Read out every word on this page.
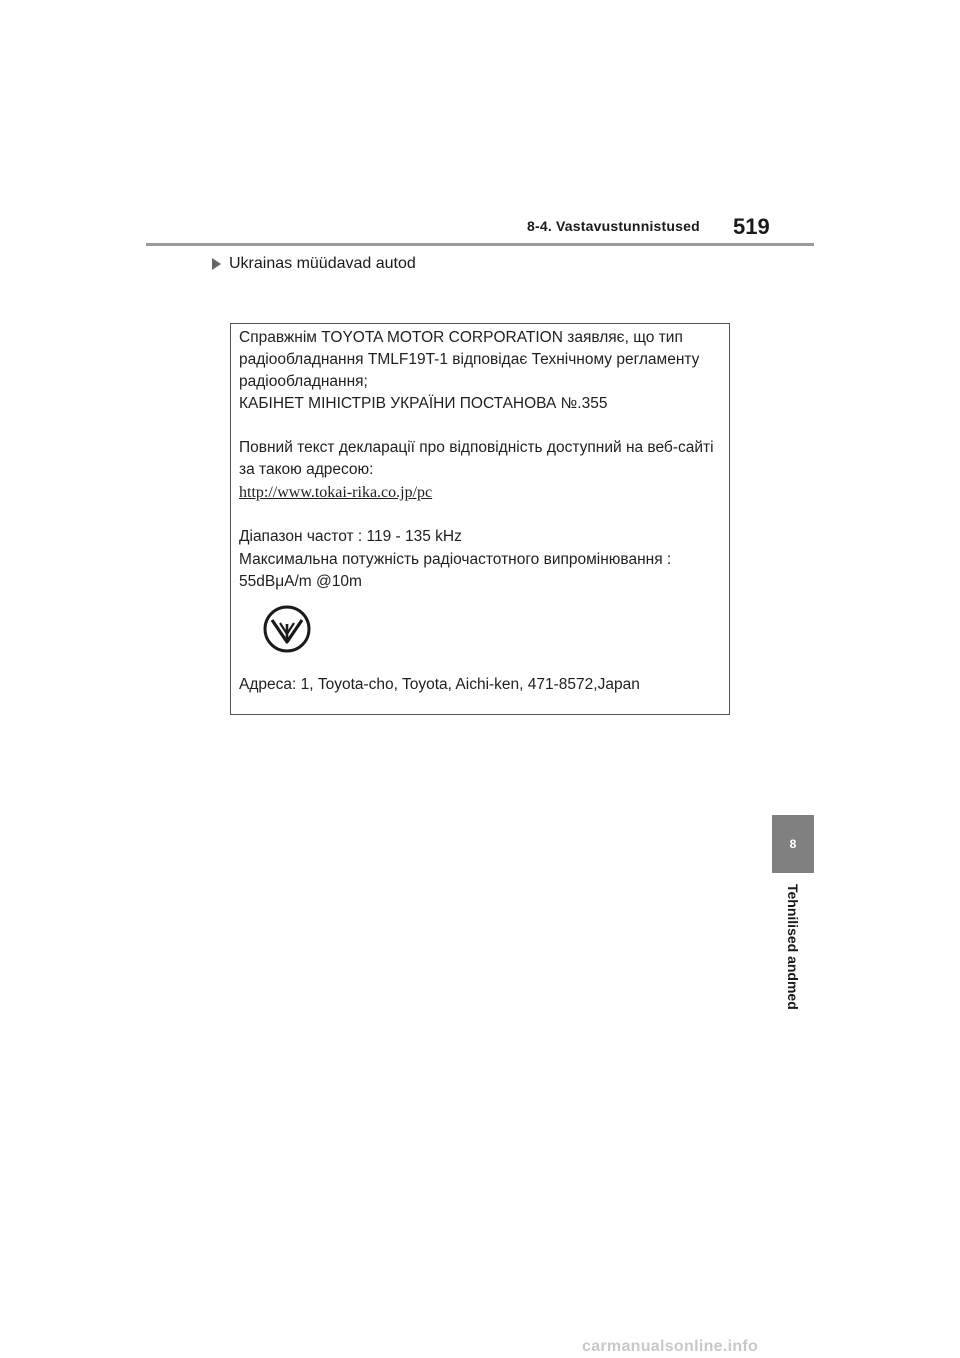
8-4. Vastavustunnistused 519
Ukrainas müüdavad autod
Справжнім TOYOTA MOTOR CORPORATION заявляє, що тип
радіообладнання TMLF19T-1 відповідає Технічному регламенту
радіообладнання;
КАБІНЕТ МІНІСТРІВ УКРАЇНИ ПОСТАНОВА №.355
Повний текст декларації про відповідність доступний на веб-сайті
за такою адресою:
http://www.tokai-rika.co.jp/pc
Діапазон частот : 119 - 135 kHz
Максимальна потужність радіочастотного випромінювання :
55dBμA/m @10m
Адреса: 1, Toyota-cho, Toyota, Aichi-ken, 471-8572,Japan
8
Tehnilised andmed
carmanualsonline.info
